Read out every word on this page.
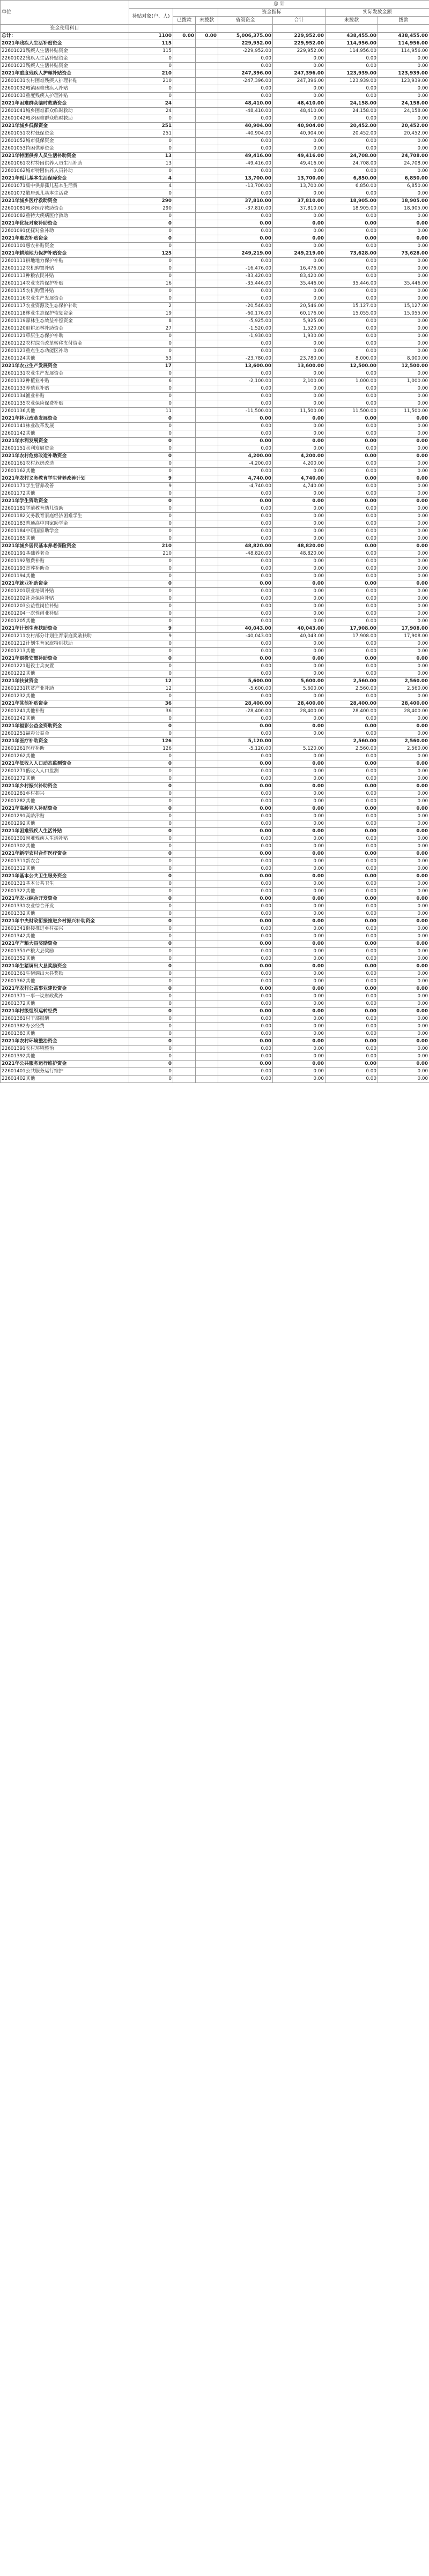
单位	总 计						
	补贴对象(户、人)			资金指标		实际发放金额	
		已拨款	未拨款	省级资金	合计	未拨款	拨款
资金使用科目							
总计：	1100	0.00	0.00	5,006,375.00	229,952.00	438,455.00	438,455.00
2021年残疾人生活补贴资金	115			229,952.00	229,952.00	114,956.00	114,956.00
22601021残疾人生活补贴资金	115			-229,952.00	229,952.00	114,956.00	114,956.00
22601022残疾人生活补贴资金	0			0.00	0.00	0.00	0.00
22601023残疾人生活补贴资金	0			0.00	0.00	0.00	0.00
2021年重度残疾人护理补贴资金	210			247,396.00	247,396.00	123,939.00	123,939.00
22601031农村困难残疾人护理补贴	210			-247,396.00	247,396.00	123,939.00	123,939.00
22601032城镇困难残疾人补贴	0			0.00	0.00	0.00	0.00
22601033重度残疾人护理补贴	0			0.00	0.00	0.00	0.00
2021年困难群众临时救助资金	24			48,410.00	48,410.00	24,158.00	24,158.00
22601041城乡困难群众临时救助	24			-48,410.00	48,410.00	24,158.00	24,158.00
22601042城乡困难群众临时救助	0			0.00	0.00	0.00	0.00
2021年城乡低保资金	251			40,904.00	40,904.00	20,452.00	20,452.00
22601051农村低保资金	251			-40,904.00	40,904.00	20,452.00	20,452.00
22601052城市低保资金	0			0.00	0.00	0.00	0.00
22601053特困供养资金	0			0.00	0.00	0.00	0.00
2021年特困供养人员生活补助资金	13			49,416.00	49,416.00	24,708.00	24,708.00
22601061农村特困供养人员生活补助	13			-49,416.00	49,416.00	24,708.00	24,708.00
22601062城市特困供养人员补助	0			0.00	0.00	0.00	0.00
2021年孤儿基本生活保障资金	4			13,700.00	13,700.00	6,850.00	6,850.00
22601071集中供养孤儿基本生活费	4			-13,700.00	13,700.00	6,850.00	6,850.00
22601072散居孤儿基本生活费	0			0.00	0.00	0.00	0.00
2021年城乡医疗救助资金	290			37,810.00	37,810.00	18,905.00	18,905.00
22601081城乡医疗救助资金	290			-37,810.00	37,810.00	18,905.00	18,905.00
22601082重特大疾病医疗救助	0			0.00	0.00	0.00	0.00
2021年优抚对象补助资金	0			0.00	0.00	0.00	0.00
22601091优抚对象补助	0			0.00	0.00	0.00	0.00
2021年惠农补贴资金	0			0.00	0.00	0.00	0.00
22601101惠农补贴资金	0			0.00	0.00	0.00	0.00
2021年耕地地力保护补贴资金	125			249,219.00	249,219.00	73,628.00	73,628.00
22601111耕地地力保护补贴	0			0.00	0.00	0.00	0.00
22601112农机购置补贴	0			-16,476.00	16,476.00	0.00	0.00
22601113种粮农民补贴	0			-83,420.00	83,420.00	0.00	0.00
22601114农业支持保护补贴	16			-35,446.00	35,446.00	35,446.00	35,446.00
22601115农机购置补贴	0			0.00	0.00	0.00	0.00
22601116农业生产发展资金	0			0.00	0.00	0.00	0.00
22601117农业资源及生态保护补助	2			-20,546.00	20,546.00	15,127.00	15,127.00
22601118林业生态保护恢复资金	19			-60,176.00	60,176.00	15,055.00	15,055.00
22601119森林生态效益补偿资金	8			-5,925.00	5,925.00	0.00	0.00
22601120退耕还林补助资金	27			-1,520.00	1,520.00	0.00	0.00
22601121草原生态保护补助	0			-1,930.00	1,930.00	0.00	0.00
22601122农村综合改革转移支付资金	0			0.00	0.00	0.00	0.00
22601123重点生态功能区补助	0			0.00	0.00	0.00	0.00
22601124其他	53			-23,780.00	23,780.00	8,000.00	8,000.00
2021年农业生产发展资金	17			13,600.00	13,600.00	12,500.00	12,500.00
22601131农业生产发展资金	0			0.00	0.00	0.00	0.00
22601132种植业补贴	6			-2,100.00	2,100.00	1,000.00	1,000.00
22601133养殖业补贴	0			0.00	0.00	0.00	0.00
22601134渔业补贴	0			0.00	0.00	0.00	0.00
22601135农业保险保费补贴	0			0.00	0.00	0.00	0.00
22601136其他	11			-11,500.00	11,500.00	11,500.00	11,500.00
2021年林业改革发展资金	0			0.00	0.00	0.00	0.00
22601141林业改革发展	0			0.00	0.00	0.00	0.00
22601142其他	0			0.00	0.00	0.00	0.00
2021年水利发展资金	0			0.00	0.00	0.00	0.00
22601151水利发展资金	0			0.00	0.00	0.00	0.00
2021年农村危房改造补助资金	0			4,200.00	4,200.00	0.00	0.00
22601161农村危房改造	0			-4,200.00	4,200.00	0.00	0.00
22601162其他	0			0.00	0.00	0.00	0.00
2021年农村义务教育学生营养改善计划	9			4,740.00	4,740.00	0.00	0.00
22601171学生营养改善	9			-4,740.00	4,740.00	0.00	0.00
22601172其他	0			0.00	0.00	0.00	0.00
2021年学生资助资金	0			0.00	0.00	0.00	0.00
22601181学前教育幼儿资助	0			0.00	0.00	0.00	0.00
22601182义务教育家庭经济困难学生	0			0.00	0.00	0.00	0.00
22601183普通高中国家助学金	0			0.00	0.00	0.00	0.00
22601184中职国家助学金	0			0.00	0.00	0.00	0.00
22601185其他	0			0.00	0.00	0.00	0.00
2021年城乡居民基本养老保险资金	210			48,820.00	48,820.00	0.00	0.00
22601191基础养老金	210			-48,820.00	48,820.00	0.00	0.00
22601192缴费补贴	0			0.00	0.00	0.00	0.00
22601193丧葬补助金	0			0.00	0.00	0.00	0.00
22601194其他	0			0.00	0.00	0.00	0.00
2021年就业补助资金	0			0.00	0.00	0.00	0.00
22601201职业培训补贴	0			0.00	0.00	0.00	0.00
22601202社会保险补贴	0			0.00	0.00	0.00	0.00
22601203公益性岗位补贴	0			0.00	0.00	0.00	0.00
22601204一次性创业补贴	0			0.00	0.00	0.00	0.00
22601205其他	0			0.00	0.00	0.00	0.00
2021年计划生育扶助资金	9			40,043.00	40,043.00	17,908.00	17,908.00
22601211农村部分计划生育家庭奖励扶助	9			-40,043.00	40,043.00	17,908.00	17,908.00
22601212计划生育家庭特别扶助	0			0.00	0.00	0.00	0.00
22601213其他	0			0.00	0.00	0.00	0.00
2021年退役安置补助资金	0			0.00	0.00	0.00	0.00
22601221退役士兵安置	0			0.00	0.00	0.00	0.00
22601222其他	0			0.00	0.00	0.00	0.00
2021年扶贫资金	12			5,600.00	5,600.00	2,560.00	2,560.00
22601231扶贫产业补助	12			-5,600.00	5,600.00	2,560.00	2,560.00
22601232其他	0			0.00	0.00	0.00	0.00
2021年其他补贴资金	36			28,400.00	28,400.00	28,400.00	28,400.00
22601241其他补贴	36			-28,400.00	28,400.00	28,400.00	28,400.00
22601242其他	0			0.00	0.00	0.00	0.00
2021年福彩公益金资助资金	0			0.00	0.00	0.00	0.00
22601251福彩公益金	0			0.00	0.00	0.00	0.00
2021年医疗补助资金	126			5,120.00		2,560.00	2,560.00
22601261医疗补助	126			-5,120.00	5,120.00	2,560.00	2,560.00
22601262其他	0			0.00	0.00	0.00	0.00
2021年低收入人口动态监测资金	0			0.00	0.00	0.00	0.00
22601271低收入人口监测	0			0.00	0.00	0.00	0.00
22601272其他	0			0.00	0.00	0.00	0.00
2021年乡村振兴补助资金	0			0.00	0.00	0.00	0.00
22601281乡村振兴	0			0.00	0.00	0.00	0.00
22601282其他	0			0.00	0.00	0.00	0.00
2021年高龄老人补贴资金	0			0.00	0.00	0.00	0.00
22601291高龄津贴	0			0.00	0.00	0.00	0.00
22601292其他	0			0.00	0.00	0.00	0.00
2021年困难残疾人生活补贴	0			0.00	0.00	0.00	0.00
22601301困难残疾人生活补贴	0			0.00	0.00	0.00	0.00
22601302其他	0			0.00	0.00	0.00	0.00
2021年新型农村合作医疗资金	0			0.00	0.00	0.00	0.00
22601311新农合	0			0.00	0.00	0.00	0.00
22601312其他	0			0.00	0.00	0.00	0.00
2021年基本公共卫生服务资金	0			0.00	0.00	0.00	0.00
22601321基本公共卫生	0			0.00	0.00	0.00	0.00
22601322其他	0			0.00	0.00	0.00	0.00
2021年农业综合开发资金	0			0.00	0.00	0.00	0.00
22601331农业综合开发	0			0.00	0.00	0.00	0.00
22601332其他	0			0.00	0.00	0.00	0.00
2021年中央财政衔接推进乡村振兴补助资金	0			0.00	0.00	0.00	0.00
22601341衔接推进乡村振兴	0			0.00	0.00	0.00	0.00
22601342其他	0			0.00	0.00	0.00	0.00
2021年产粮大县奖励资金	0			0.00	0.00	0.00	0.00
22601351产粮大县奖励	0			0.00	0.00	0.00	0.00
22601352其他	0			0.00	0.00	0.00	0.00
2021年生猪调出大县奖励资金	0			0.00	0.00	0.00	0.00
22601361生猪调出大县奖励	0			0.00	0.00	0.00	0.00
22601362其他	0			0.00	0.00	0.00	0.00
2021年农村公益事业建设资金	0			0.00	0.00	0.00	0.00
22601371一事一议财政奖补	0			0.00	0.00	0.00	0.00
22601372其他	0			0.00	0.00	0.00	0.00
2021年村级组织运转经费	0			0.00	0.00	0.00	0.00
22601381村干部报酬	0			0.00	0.00	0.00	0.00
22601382办公经费	0			0.00	0.00	0.00	0.00
22601383其他	0			0.00	0.00	0.00	0.00
2021年农村环境整治资金	0			0.00	0.00	0.00	0.00
22601391农村环境整治	0			0.00	0.00	0.00	0.00
22601392其他	0			0.00	0.00	0.00	0.00
2021年公共服务运行维护资金	0			0.00	0.00	0.00	0.00
22601401公共服务运行维护	0			0.00	0.00	0.00	0.00
22601402其他	0			0.00	0.00	0.00	0.00
